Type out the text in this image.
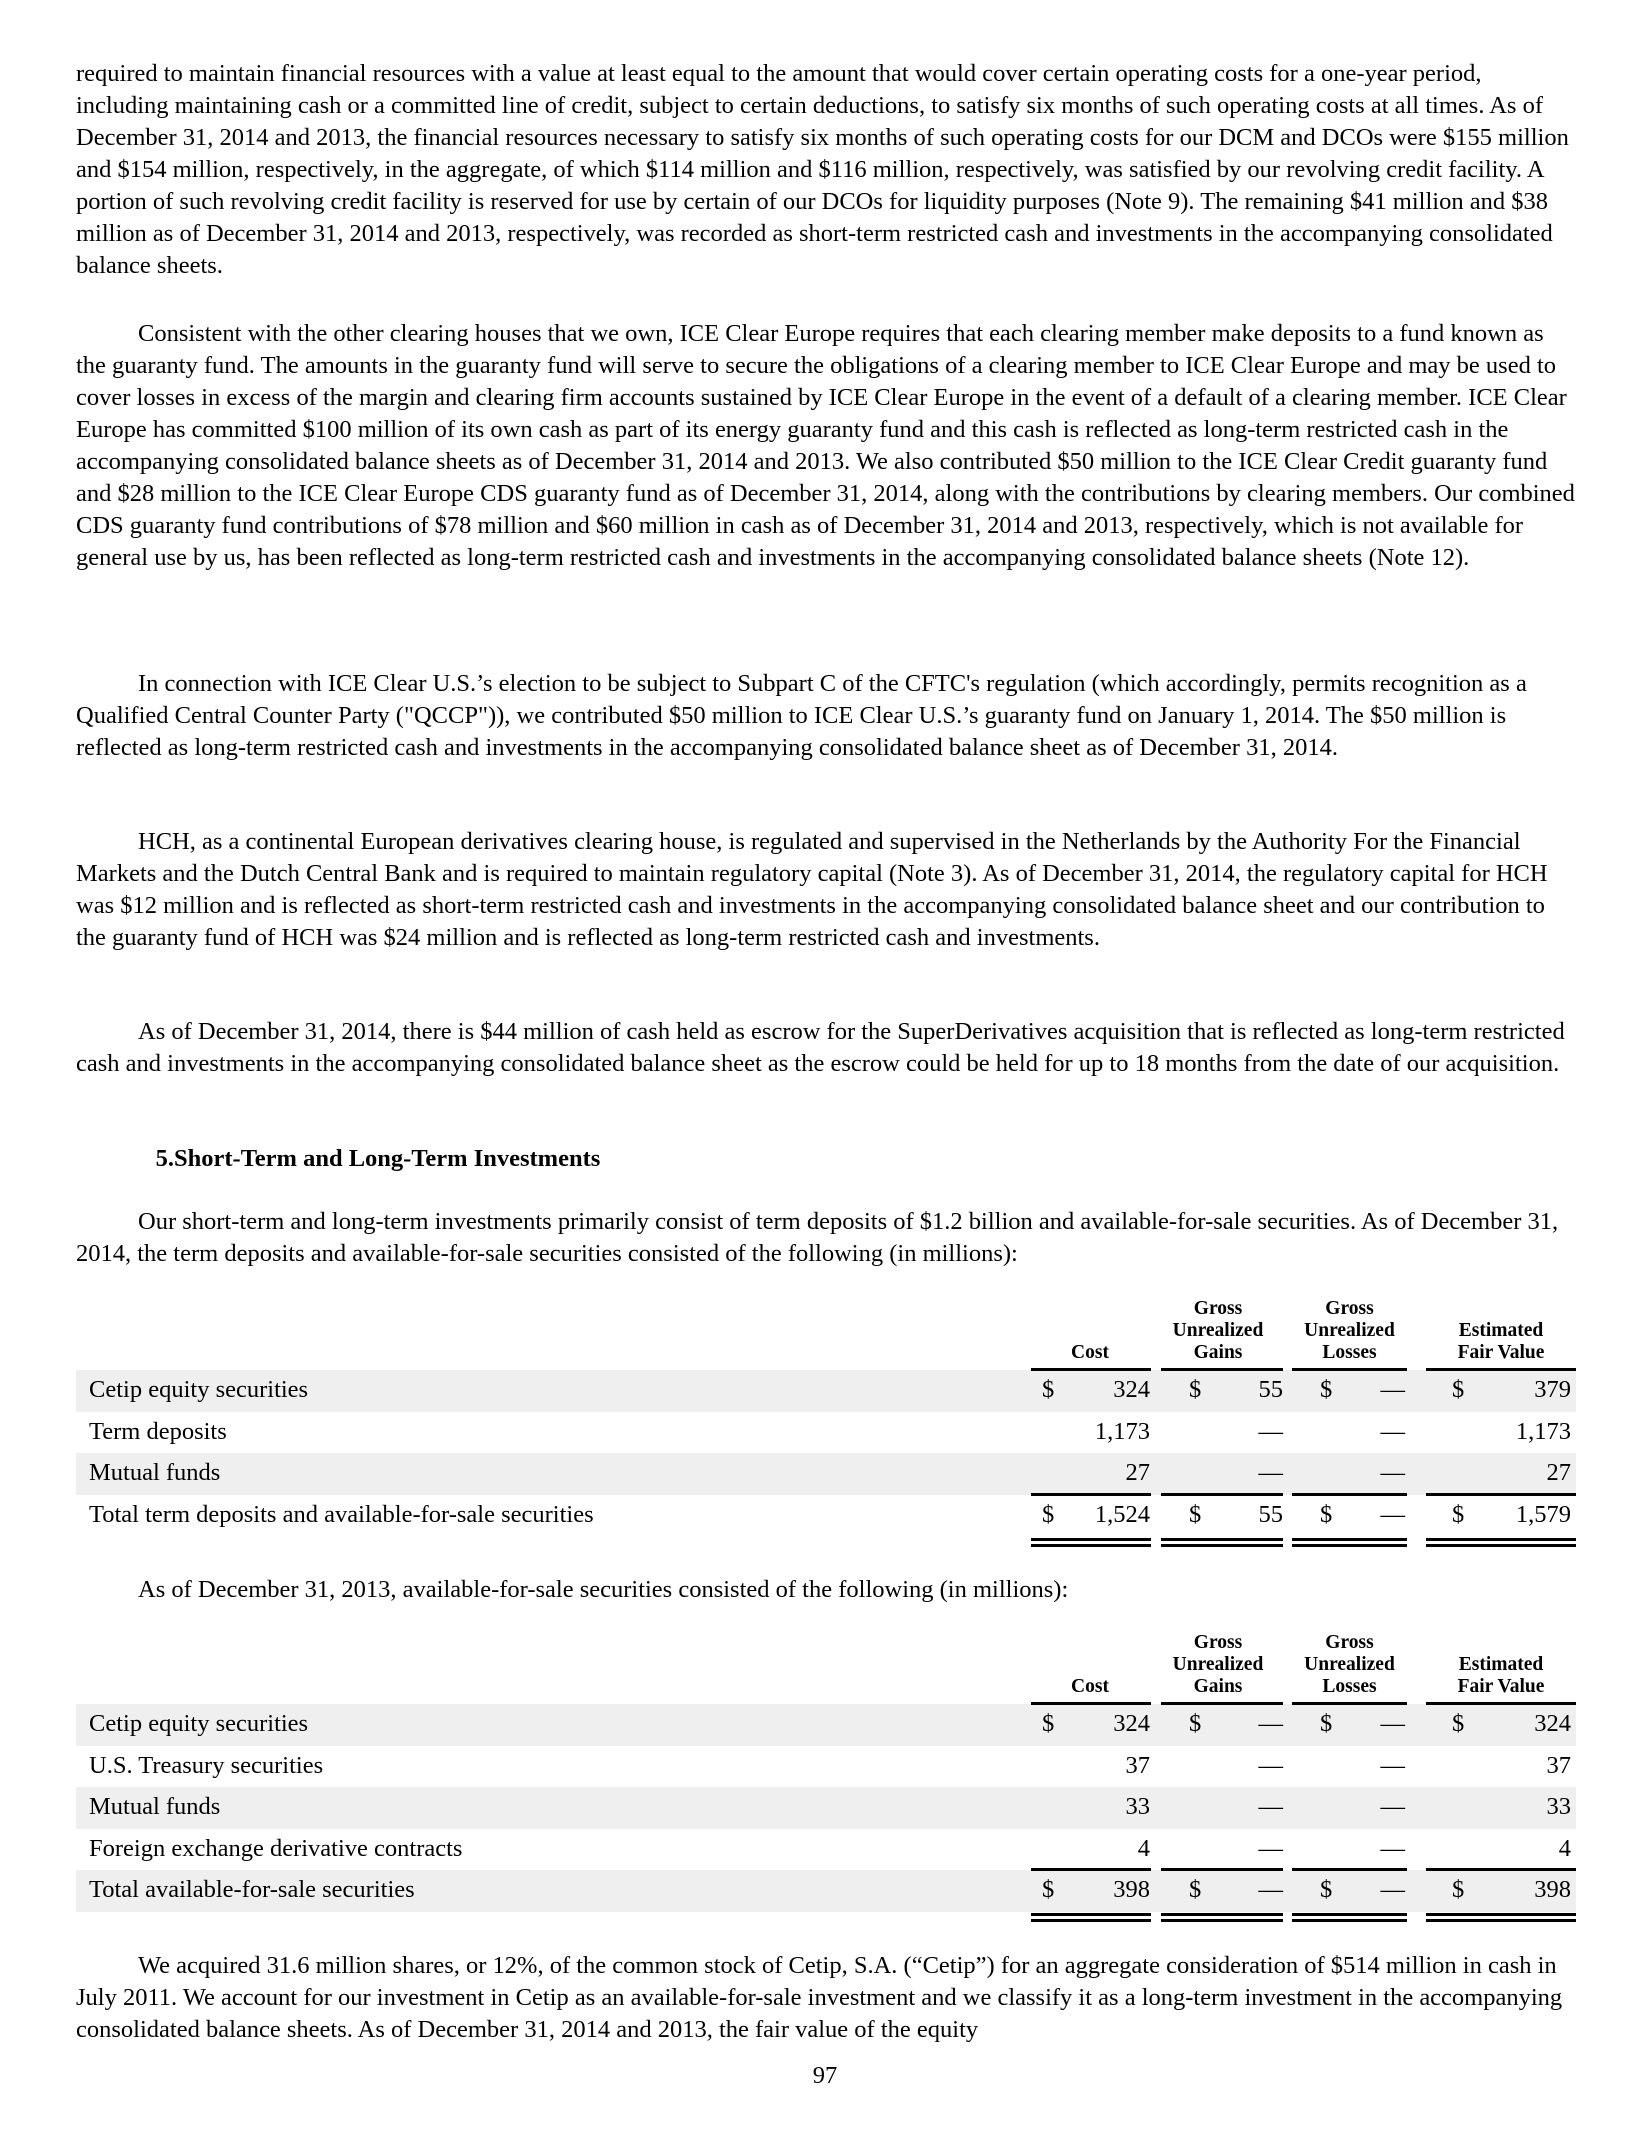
required to maintain financial resources with a value at least equal to the amount that would cover certain operating costs for a one-year period, including maintaining cash or a committed line of credit, subject to certain deductions, to satisfy six months of such operating costs at all times. As of December 31, 2014 and 2013, the financial resources necessary to satisfy six months of such operating costs for our DCM and DCOs were $155 million and $154 million, respectively, in the aggregate, of which $114 million and $116 million, respectively, was satisfied by our revolving credit facility. A portion of such revolving credit facility is reserved for use by certain of our DCOs for liquidity purposes (Note 9). The remaining $41 million and $38 million as of December 31, 2014 and 2013, respectively, was recorded as short-term restricted cash and investments in the accompanying consolidated balance sheets.

Consistent with the other clearing houses that we own, ICE Clear Europe requires that each clearing member make deposits to a fund known as the guaranty fund. The amounts in the guaranty fund will serve to secure the obligations of a clearing member to ICE Clear Europe and may be used to cover losses in excess of the margin and clearing firm accounts sustained by ICE Clear Europe in the event of a default of a clearing member. ICE Clear Europe has committed $100 million of its own cash as part of its energy guaranty fund and this cash is reflected as long-term restricted cash in the accompanying consolidated balance sheets as of December 31, 2014 and 2013. We also contributed $50 million to the ICE Clear Credit guaranty fund and $28 million to the ICE Clear Europe CDS guaranty fund as of December 31, 2014, along with the contributions by clearing members. Our combined CDS guaranty fund contributions of $78 million and $60 million in cash as of December 31, 2014 and 2013, respectively, which is not available for general use by us, has been reflected as long-term restricted cash and investments in the accompanying consolidated balance sheets (Note 12).

In connection with ICE Clear U.S.’s election to be subject to Subpart C of the CFTC's regulation (which accordingly, permits recognition as a Qualified Central Counter Party ("QCCP")), we contributed $50 million to ICE Clear U.S.’s guaranty fund on January 1, 2014. The $50 million is reflected as long-term restricted cash and investments in the accompanying consolidated balance sheet as of December 31, 2014.

HCH, as a continental European derivatives clearing house, is regulated and supervised in the Netherlands by the Authority For the Financial Markets and the Dutch Central Bank and is required to maintain regulatory capital (Note 3). As of December 31, 2014, the regulatory capital for HCH was $12 million and is reflected as short-term restricted cash and investments in the accompanying consolidated balance sheet and our contribution to the guaranty fund of HCH was $24 million and is reflected as long-term restricted cash and investments.

As of December 31, 2014, there is $44 million of cash held as escrow for the SuperDerivatives acquisition that is reflected as long-term restricted cash and investments in the accompanying consolidated balance sheet as the escrow could be held for up to 18 months from the date of our acquisition.

5.Short-Term and Long-Term Investments

Our short-term and long-term investments primarily consist of term deposits of $1.2 billion and available-for-sale securities. As of December 31, 2014, the term deposits and available-for-sale securities consisted of the following (in millions):

Cost
Gross
Unrealized
Gains
Gross
Unrealized
Losses
Estimated
Fair Value
Cetip equity securities	$	324 $	55 $	— $	379
Term deposits	1,173	—	—	1,173
Mutual funds	27	—	—	27
Total term deposits and available-for-sale securities	$	1,524 $	55 $	— $	1,579

As of December 31, 2013, available-for-sale securities consisted of the following (in millions):

Cost
Gross
Unrealized
Gains
Gross
Unrealized
Losses
Estimated
Fair Value
Cetip equity securities	$	324 $	— $	— $	324
U.S. Treasury securities	37	—	—	37
Mutual funds	33	—	—	33
Foreign exchange derivative contracts	4	—	—	4
Total available-for-sale securities	$	398 $	— $	— $	398

We acquired 31.6 million shares, or 12%, of the common stock of Cetip, S.A. (“Cetip”) for an aggregate consideration of $514 million in cash in July 2011. We account for our investment in Cetip as an available-for-sale investment and we classify it as a long-term investment in the accompanying consolidated balance sheets. As of December 31, 2014 and 2013, the fair value of the equity

97
